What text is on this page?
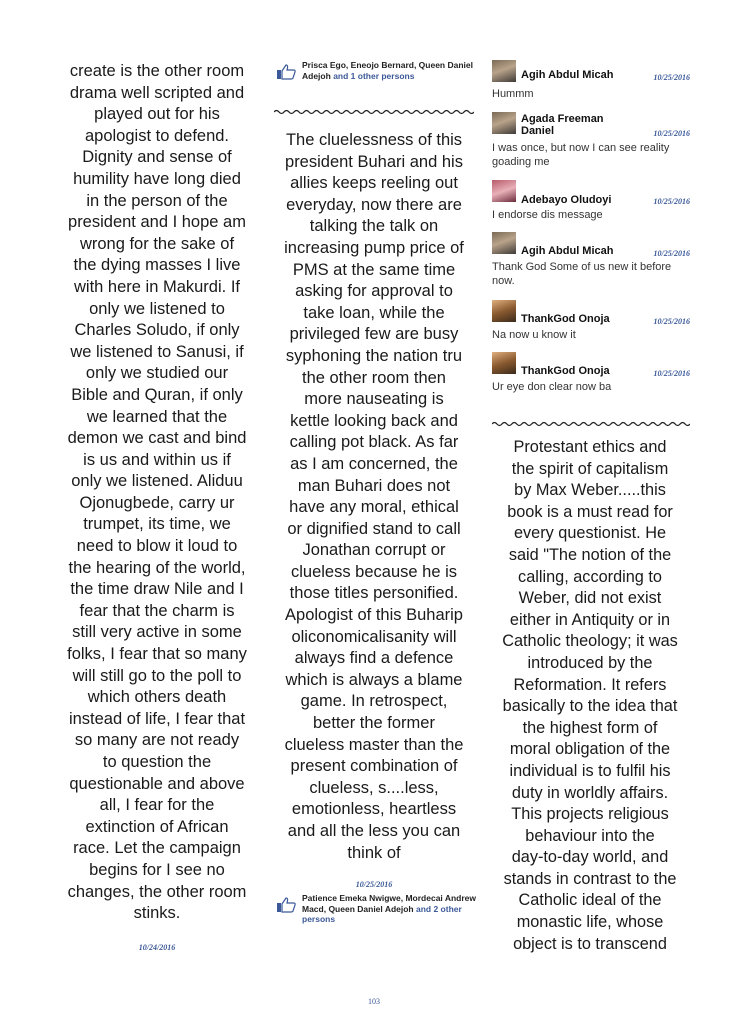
create is the other room
drama well scripted and
played out for his
apologist to defend.
Dignity and sense of
humility have long died
in the person of the
president and I hope am
wrong for the sake of
the dying masses I live
with here in Makurdi. If
only we listened to
Charles Soludo, if only
we listened to Sanusi, if
only we studied our
Bible and Quran, if only
we learned that the
demon we cast and bind
is us and within us if
only we listened. Aliduu
Ojonugbede, carry ur
trumpet, its time, we
need to blow it loud to
the hearing of the world,
the time draw Nile and I
fear that the charm is
still very active in some
folks, I fear that so many
will still go to the poll to
which others death
instead of life, I fear that
so many are not ready
to question the
questionable and above
all, I fear for the
extinction of African
race. Let the campaign
begins for I see no
changes, the other room
stinks.

10/24/2016
Prisca Ego, Eneojo Bernard, Queen Daniel Adejoh and 1 other persons

The cluelessness of this
president Buhari and his
allies keeps reeling out
everyday, now there are
talking the talk on
increasing pump price of
PMS at the same time
asking for approval to
take loan, while the
privileged few are busy
syphoning the nation tru
the other room then
more nauseating is
kettle looking back and
calling pot black. As far
as I am concerned, the
man Buhari does not
have any moral, ethical
or dignified stand to call
Jonathan corrupt or
clueless because he is
those titles personified.
Apologist of this Buharip
oliconomicalisanity will
always find a defence
which is always a blame
game. In retrospect,
better the former
clueless master than the
present combination of
clueless, s....less,
emotionless, heartless
and all the less you can
think of

10/25/2016
Patience Emeka Nwigwe, Mordecai Andrew Macd, Queen Daniel Adejoh and 2 other persons
Agih Abdul Micah	10/25/2016
Hummm
Agada Freeman Daniel	10/25/2016
I was once, but now I can see reality goading me
Adebayo Oludoyi	10/25/2016
I endorse dis message
Agih Abdul Micah	10/25/2016
Thank God Some of us new it before now.
ThankGod Onoja	10/25/2016
Na now u know it
ThankGod Onoja	10/25/2016
Ur eye don clear now ba

Protestant ethics and
the spirit of capitalism
by Max Weber.....this
book is a must read for
every questionist. He
said "The notion of the
calling, according to
Weber, did not exist
either in Antiquity or in
Catholic theology; it was
introduced by the
Reformation. It refers
basically to the idea that
the highest form of
moral obligation of the
individual is to fulfil his
duty in worldly affairs.
This projects religious
behaviour into the
day-to-day world, and
stands in contrast to the
Catholic ideal of the
monastic life, whose
object is to transcend

103
